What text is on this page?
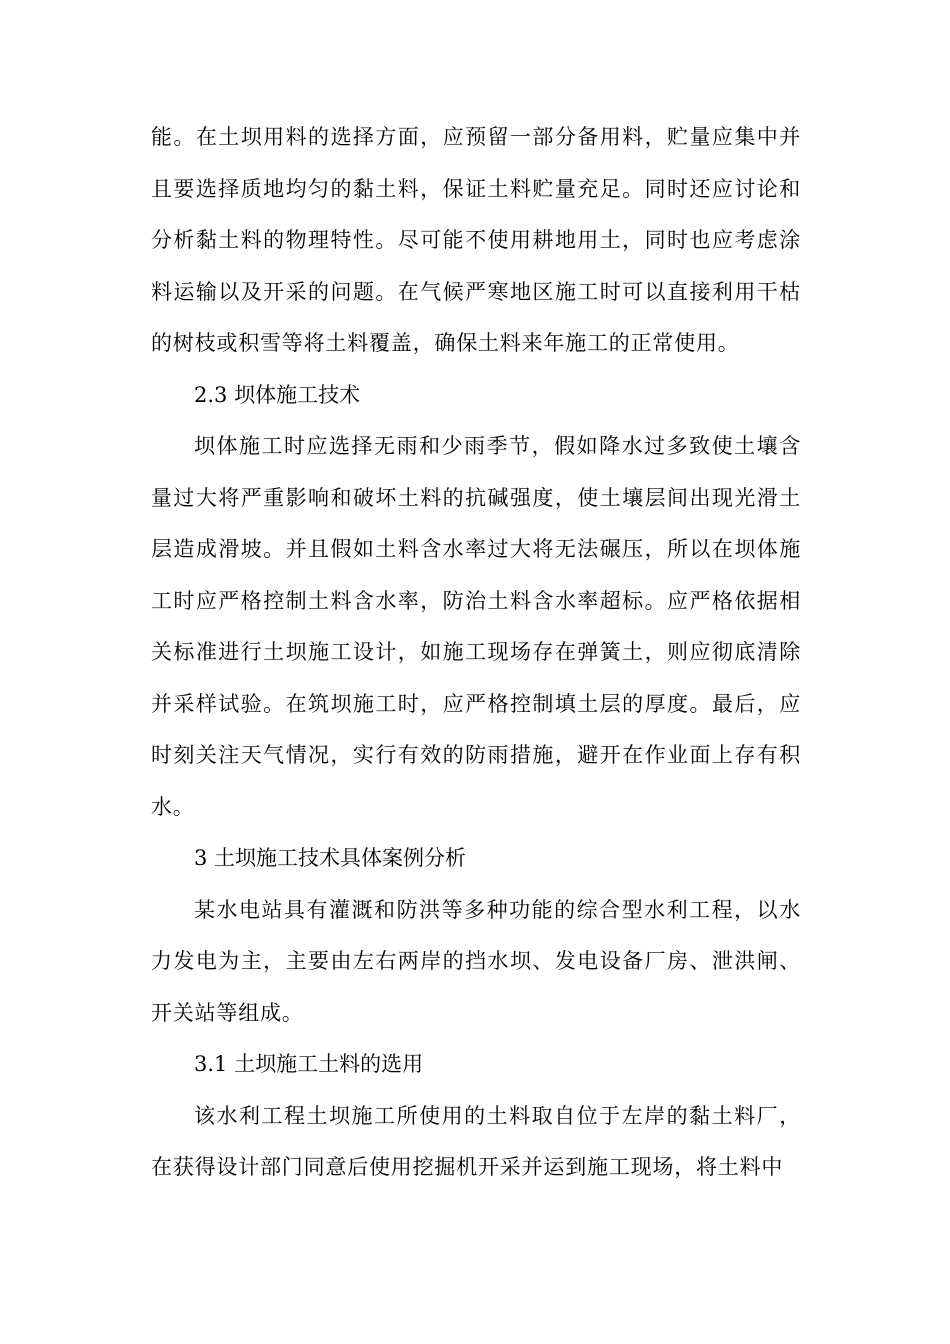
能。在土坝用料的选择方面，应预留一部分备用料，贮量应集中并且要选择质地均匀的黏土料，保证土料贮量充足。同时还应讨论和分析黏土料的物理特性。尽可能不使用耕地用土，同时也应考虑涂料运输以及开采的问题。在气候严寒地区施工时可以直接利用干枯的树枝或积雪等将土料覆盖，确保土料来年施工的正常使用。

2.3 坝体施工技术

坝体施工时应选择无雨和少雨季节，假如降水过多致使土壤含量过大将严重影响和破坏土料的抗碱强度，使土壤层间出现光滑土层造成滑坡。并且假如土料含水率过大将无法碾压，所以在坝体施工时应严格控制土料含水率，防治土料含水率超标。应严格依据相关标准进行土坝施工设计，如施工现场存在弹簧土，则应彻底清除并采样试验。在筑坝施工时，应严格控制填土层的厚度。最后，应时刻关注天气情况，实行有效的防雨措施，避开在作业面上存有积水。

3 土坝施工技术具体案例分析

某水电站具有灌溉和防洪等多种功能的综合型水利工程，以水力发电为主，主要由左右两岸的挡水坝、发电设备厂房、泄洪闸、开关站等组成。

3.1 土坝施工土料的选用

该水利工程土坝施工所使用的土料取自位于左岸的黏土料厂，在获得设计部门同意后使用挖掘机开采并运到施工现场，将土料中
